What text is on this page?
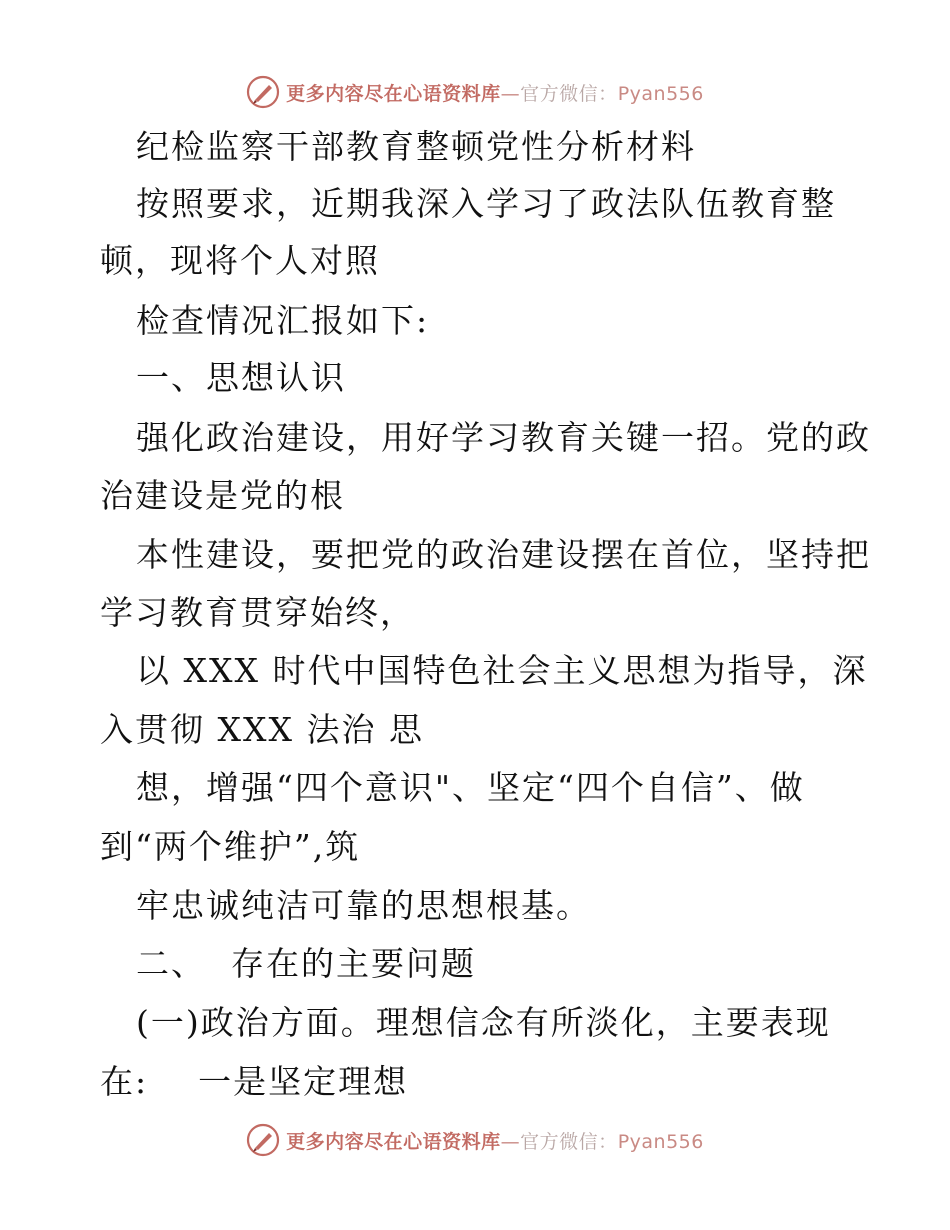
更多内容尽在心语资料库—官方微信：Pyan556
纪检监察干部教育整顿党性分析材料
按照要求，近期我深入学习了政法队伍教育整
顿，现将个人对照
检查情况汇报如下:
一、思想认识
强化政治建设，用好学习教育关键一招。党的政
治建设是党的根
本性建设，要把党的政治建设摆在首位，坚持把
学习教育贯穿始终，
以 XXX 时代中国特色社会主义思想为指导，深
入贯彻 XXX 法治 思
想，增强“四个意识"、坚定“四个自信”、做
到“两个维护”,筑
牢忠诚纯洁可靠的思想根基。
二、  存在的主要问题
(一)政治方面。理想信念有所淡化，主要表现
在:    一是坚定理想
更多内容尽在心语资料库—官方微信：Pyan556
